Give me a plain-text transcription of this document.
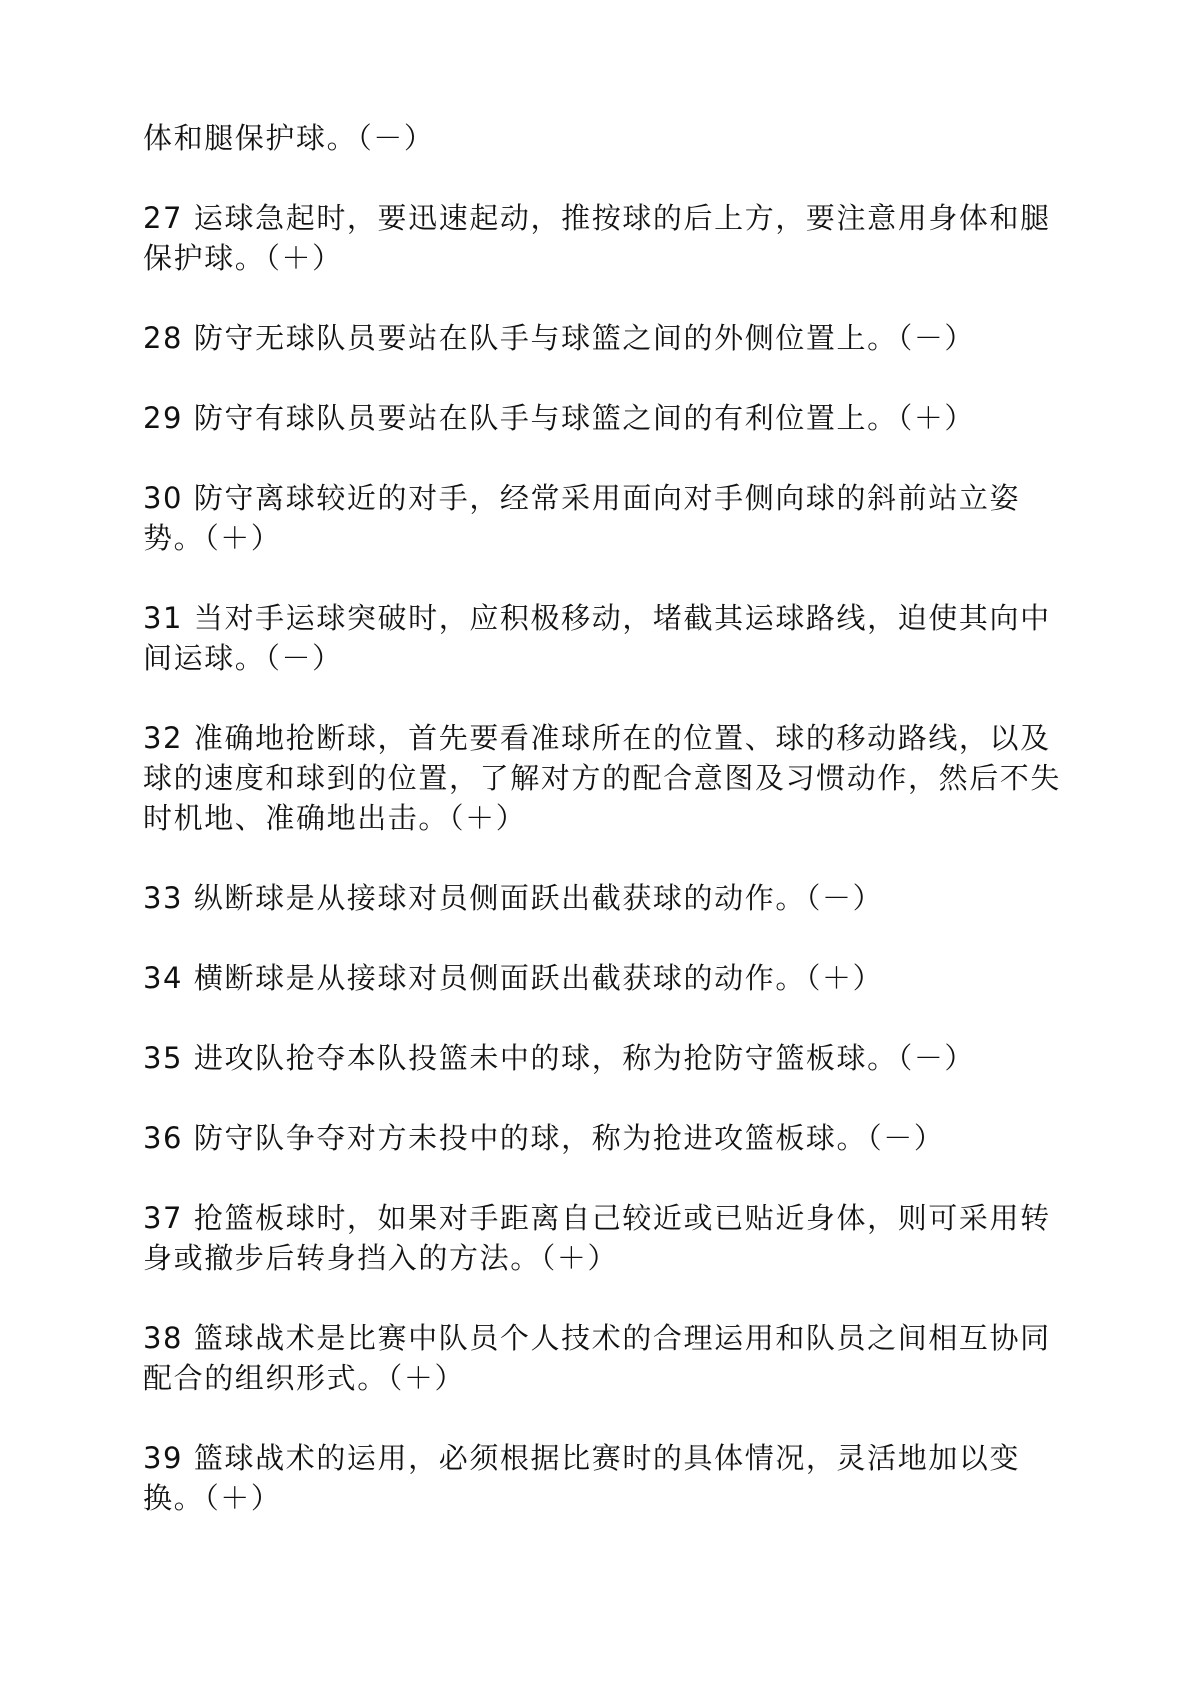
体和腿保护球。（－）

27 运球急起时，要迅速起动，推按球的后上方，要注意用身体和腿保护球。（＋）

28 防守无球队员要站在队手与球篮之间的外侧位置上。（－）

29 防守有球队员要站在队手与球篮之间的有利位置上。（＋）

30 防守离球较近的对手，经常采用面向对手侧向球的斜前站立姿势。（＋）

31 当对手运球突破时，应积极移动，堵截其运球路线，迫使其向中间运球。（－）

32 准确地抢断球，首先要看准球所在的位置、球的移动路线，以及球的速度和球到的位置，了解对方的配合意图及习惯动作，然后不失时机地、准确地出击。（＋）

33 纵断球是从接球对员侧面跃出截获球的动作。（－）

34 横断球是从接球对员侧面跃出截获球的动作。（＋）

35 进攻队抢夺本队投篮未中的球，称为抢防守篮板球。（－）

36 防守队争夺对方未投中的球，称为抢进攻篮板球。（－）

37 抢篮板球时，如果对手距离自己较近或已贴近身体，则可采用转身或撤步后转身挡入的方法。（＋）

38 篮球战术是比赛中队员个人技术的合理运用和队员之间相互协同配合的组织形式。（＋）

39 篮球战术的运用，必须根据比赛时的具体情况，灵活地加以变换。（＋）
